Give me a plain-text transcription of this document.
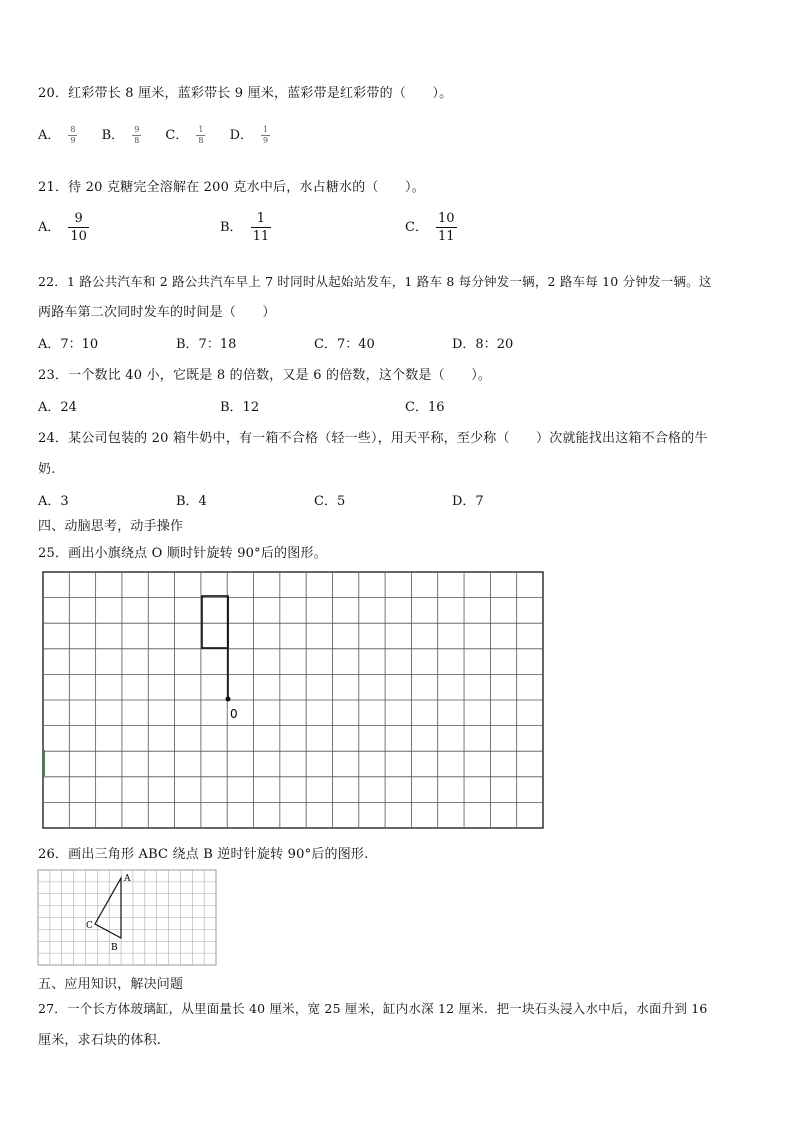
20．红彩带长 8 厘米，蓝彩带长 9 厘米，蓝彩带是红彩带的（　　）。
A． $\frac{8}{9}$ B． $\frac{9}{8}$ C． $\frac{1}{8}$ D． $\frac{1}{9}$
21．待 20 克糖完全溶解在 200 克水中后，水占糖水的（　　）。
A． $\frac{9}{10}$	B． $\frac{1}{11}$	C． $\frac{10}{11}$
22．1 路公共汽车和 2 路公共汽车早上 7 时同时从起始站发车，1 路车 8 每分钟发一辆，2 路车每 10 分钟发一辆。这
两路车第二次同时发车的时间是（　　）
A．7：10	B．7：18	C．7：40	D．8：20
23．一个数比 40 小，它既是 8 的倍数，又是 6 的倍数，这个数是（　　）。
A．24	B．12	C．16
24．某公司包装的 20 箱牛奶中，有一箱不合格（轻一些），用天平称，至少称（　　）次就能找出这箱不合格的牛
奶.
A．3	B．4	C．5	D．7
四、动脑思考，动手操作
25．画出小旗绕点 O 顺时针旋转 90°后的图形。
0
26．画出三角形 ABC 绕点 B 逆时针旋转 90°后的图形.
A
B
C
五、应用知识，解决问题
27．一个长方体玻璃缸，从里面量长 40 厘米，宽 25 厘米，缸内水深 12 厘米．把一块石头浸入水中后，水面升到 16
厘米，求石块的体积.
